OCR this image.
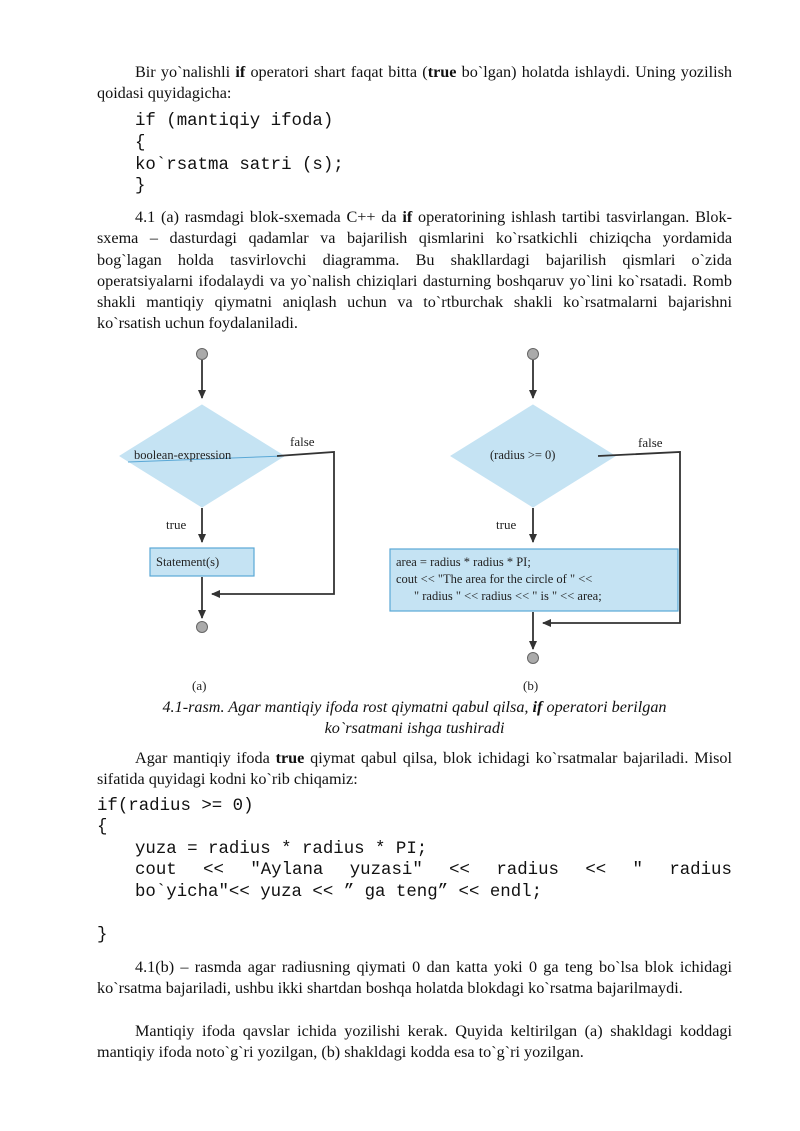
Bir yo`nalishli if operatori shart faqat bitta (true bo`lgan) holatda ishlaydi. Uning yozilish qoidasi quyidagicha:

if (mantiqiy ifoda)
{
ko`rsatma satri (s);
}

4.1 (a) rasmdagi blok-sxemada C++ da if operatorining ishlash tartibi tasvirlangan. Blok-sxema – dasturdagi qadamlar va bajarilish qismlarini ko`rsatkichli chiziqcha yordamida bog`lagan holda tasvirlovchi diagramma. Bu shakllardagi bajarilish qismlari o`zida operatsiyalarni ifodalaydi va yo`nalish chiziqlari dasturning boshqaruv yo`lini ko`rsatadi. Romb shakli mantiqiy qiymatni aniqlash uchun va to`rtburchak shakli ko`rsatmalarni bajarishni ko`rsatish uchun foydalaniladi.

boolean-expression
false
true
Statement(s)
(a)
(radius >= 0)
false
true
area = radius * radius * PI;
cout << "The area for the circle of " <<
" radius " << radius << " is " << area;
(b)

4.1-rasm. Agar mantiqiy ifoda rost qiymatni qabul qilsa, if operatori berilgan
ko`rsatmani ishga tushiradi

Agar mantiqiy ifoda true qiymat qabul qilsa, blok ichidagi ko`rsatmalar bajariladi. Misol sifatida quyidagi kodni ko`rib chiqamiz:

if(radius >= 0)
{
yuza = radius * radius * PI;
cout << "Aylana yuzasi" << radius << " radius
bo`yicha"<< yuza << ” ga teng” << endl;
}

4.1(b) – rasmda agar radiusning qiymati 0 dan katta yoki 0 ga teng bo`lsa blok ichidagi ko`rsatma bajariladi, ushbu ikki shartdan boshqa holatda blokdagi ko`rsatma bajarilmaydi.

Mantiqiy ifoda qavslar ichida yozilishi kerak. Quyida keltirilgan (a) shakldagi koddagi mantiqiy ifoda noto`g`ri yozilgan, (b) shakldagi kodda esa to`g`ri yozilgan.
